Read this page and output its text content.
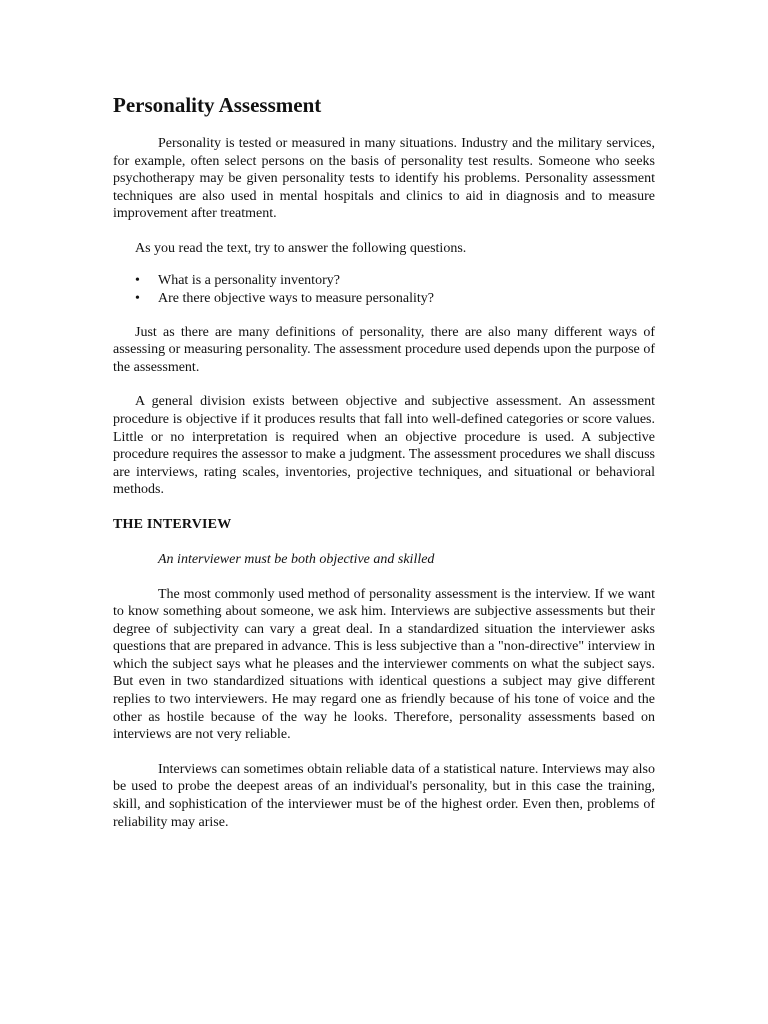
Personality Assessment

Personality is tested or measured in many situations. Industry and the military services, for example, often select persons on the basis of personality test results. Someone who seeks psychotherapy may be given personality tests to identify his problems. Personality assessment techniques are also used in mental hospitals and clinics to aid in diagnosis and to measure improvement after treatment.

As you read the text, try to answer the following questions.

• What is a personality inventory?
• Are there objective ways to measure personality?

Just as there are many definitions of personality, there are also many different ways of assessing or measuring personality. The assessment procedure used depends upon the purpose of the assessment.

A general division exists between objective and subjective assessment. An assessment procedure is objective if it produces results that fall into well-defined categories or score values. Little or no interpretation is required when an objective procedure is used. A subjective procedure requires the assessor to make a judgment. The assessment procedures we shall discuss are interviews, rating scales, inventories, projective techniques, and situational or behavioral methods.

THE INTERVIEW

An interviewer must be both objective and skilled

The most commonly used method of personality assessment is the interview. If we want to know something about someone, we ask him. Interviews are subjective assessments but their degree of subjectivity can vary a great deal. In a standardized situation the interviewer asks questions that are prepared in advance. This is less subjective than a "non-directive" interview in which the subject says what he pleases and the interviewer comments on what the subject says. But even in two standardized situations with identical questions a subject may give different replies to two interviewers. He may regard one as friendly because of his tone of voice and the other as hostile because of the way he looks. Therefore, personality assessments based on interviews are not very reliable.

Interviews can sometimes obtain reliable data of a statistical nature. Interviews may also be used to probe the deepest areas of an individual's personality, but in this case the training, skill, and sophistication of the interviewer must be of the highest order. Even then, problems of reliability may arise.
